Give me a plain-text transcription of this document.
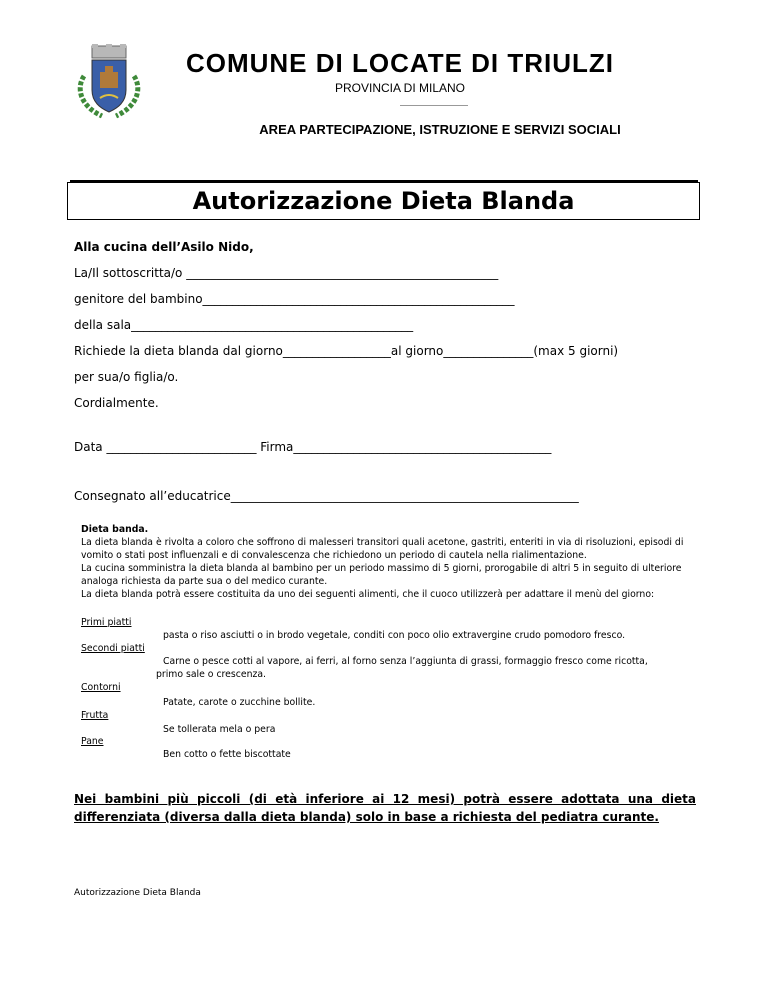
COMUNE DI LOCATE DI TRIULZI
PROVINCIA DI MILANO
AREA PARTECIPAZIONE, ISTRUZIONE E SERVIZI SOCIALI
Autorizzazione Dieta Blanda
Alla cucina dell’Asilo Nido,
La/Il sottoscritta/o ____________________________________________________
genitore del bambino____________________________________________________
della sala_______________________________________________
Richiede la dieta blanda dal giorno__________________al giorno_______________(max 5 giorni)
per sua/o figlia/o.
Cordialmente.
Data _________________________ Firma___________________________________________
Consegnato all’educatrice__________________________________________________________

Dieta banda.

La dieta blanda è rivolta a coloro che soffrono di malesseri transitori quali acetone, gastriti, enteriti in via di risoluzioni, episodi di vomito o stati post influenzali e di convalescenza che richiedono un periodo di cautela nella rialimentazione.

La cucina somministra la dieta blanda al bambino per un periodo massimo di 5 giorni, prorogabile di altri 5 in seguito di ulteriore analoga richiesta da parte sua o del medico curante.

La dieta blanda potrà essere costituita da uno dei seguenti alimenti, che il cuoco utilizzerà per adattare il menù del giorno:

Primi piatti
pasta o riso asciutti o in brodo vegetale, conditi con poco olio extravergine crudo pomodoro fresco.
Secondi piatti
Carne o pesce cotti al vapore, ai ferri, al forno senza l’aggiunta di grassi, formaggio fresco come ricotta,
primo sale o crescenza.
Contorni
Patate, carote o zucchine bollite.
Frutta
Se tollerata mela o pera
Pane
Ben cotto o fette biscottate
Nei bambini più piccoli (di età inferiore ai 12 mesi) potrà essere adottata una dieta differenziata (diversa dalla dieta blanda) solo in base a richiesta del pediatra curante.
Autorizzazione Dieta Blanda
